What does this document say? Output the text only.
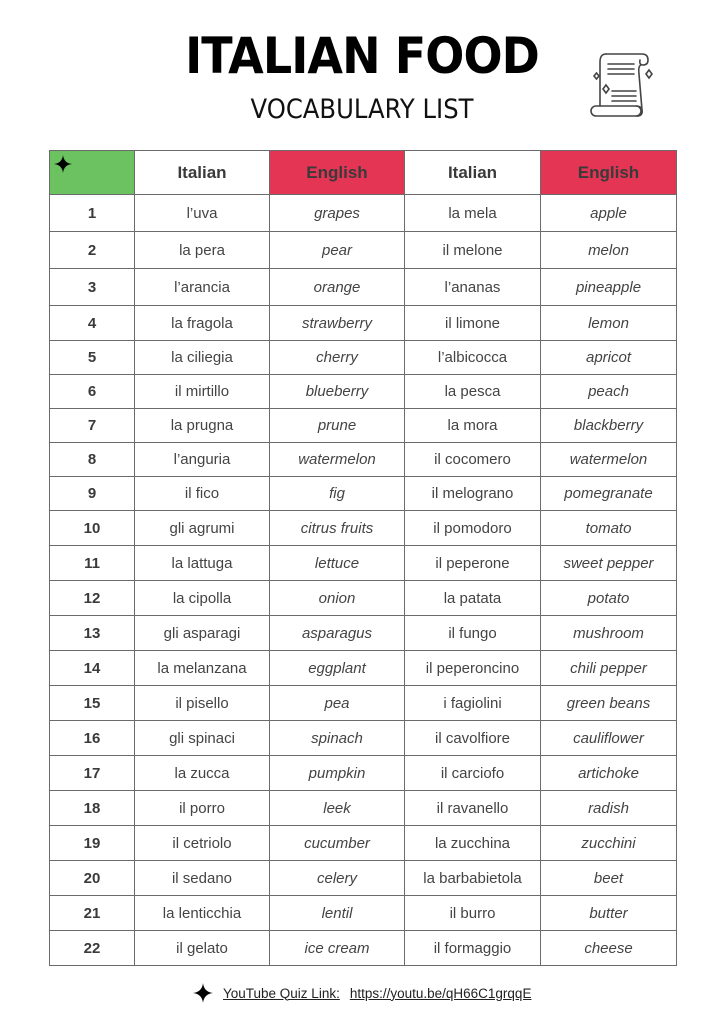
ITALIAN FOOD
VOCABULARY LIST
	Italian	English	Italian	English
1	l’uva	grapes	la mela	apple
2	la pera	pear	il melone	melon
3	l’arancia	orange	l’ananas	pineapple
4	la fragola	strawberry	il limone	lemon
5	la ciliegia	cherry	l’albicocca	apricot
6	il mirtillo	blueberry	la pesca	peach
7	la prugna	prune	la mora	blackberry
8	l’anguria	watermelon	il cocomero	watermelon
9	il fico	fig	il melograno	pomegranate
10	gli agrumi	citrus fruits	il pomodoro	tomato
11	la lattuga	lettuce	il peperone	sweet pepper
12	la cipolla	onion	la patata	potato
13	gli asparagi	asparagus	il fungo	mushroom
14	la melanzana	eggplant	il peperoncino	chili pepper
15	il pisello	pea	i fagiolini	green beans
16	gli spinaci	spinach	il cavolfiore	cauliflower
17	la zucca	pumpkin	il carciofo	artichoke
18	il porro	leek	il ravanello	radish
19	il cetriolo	cucumber	la zucchina	zucchini
20	il sedano	celery	la barbabietola	beet
21	la lenticchia	lentil	il burro	butter
22	il gelato	ice cream	il formaggio	cheese
YouTube Quiz Link: https://youtu.be/qH66C1grqqE
